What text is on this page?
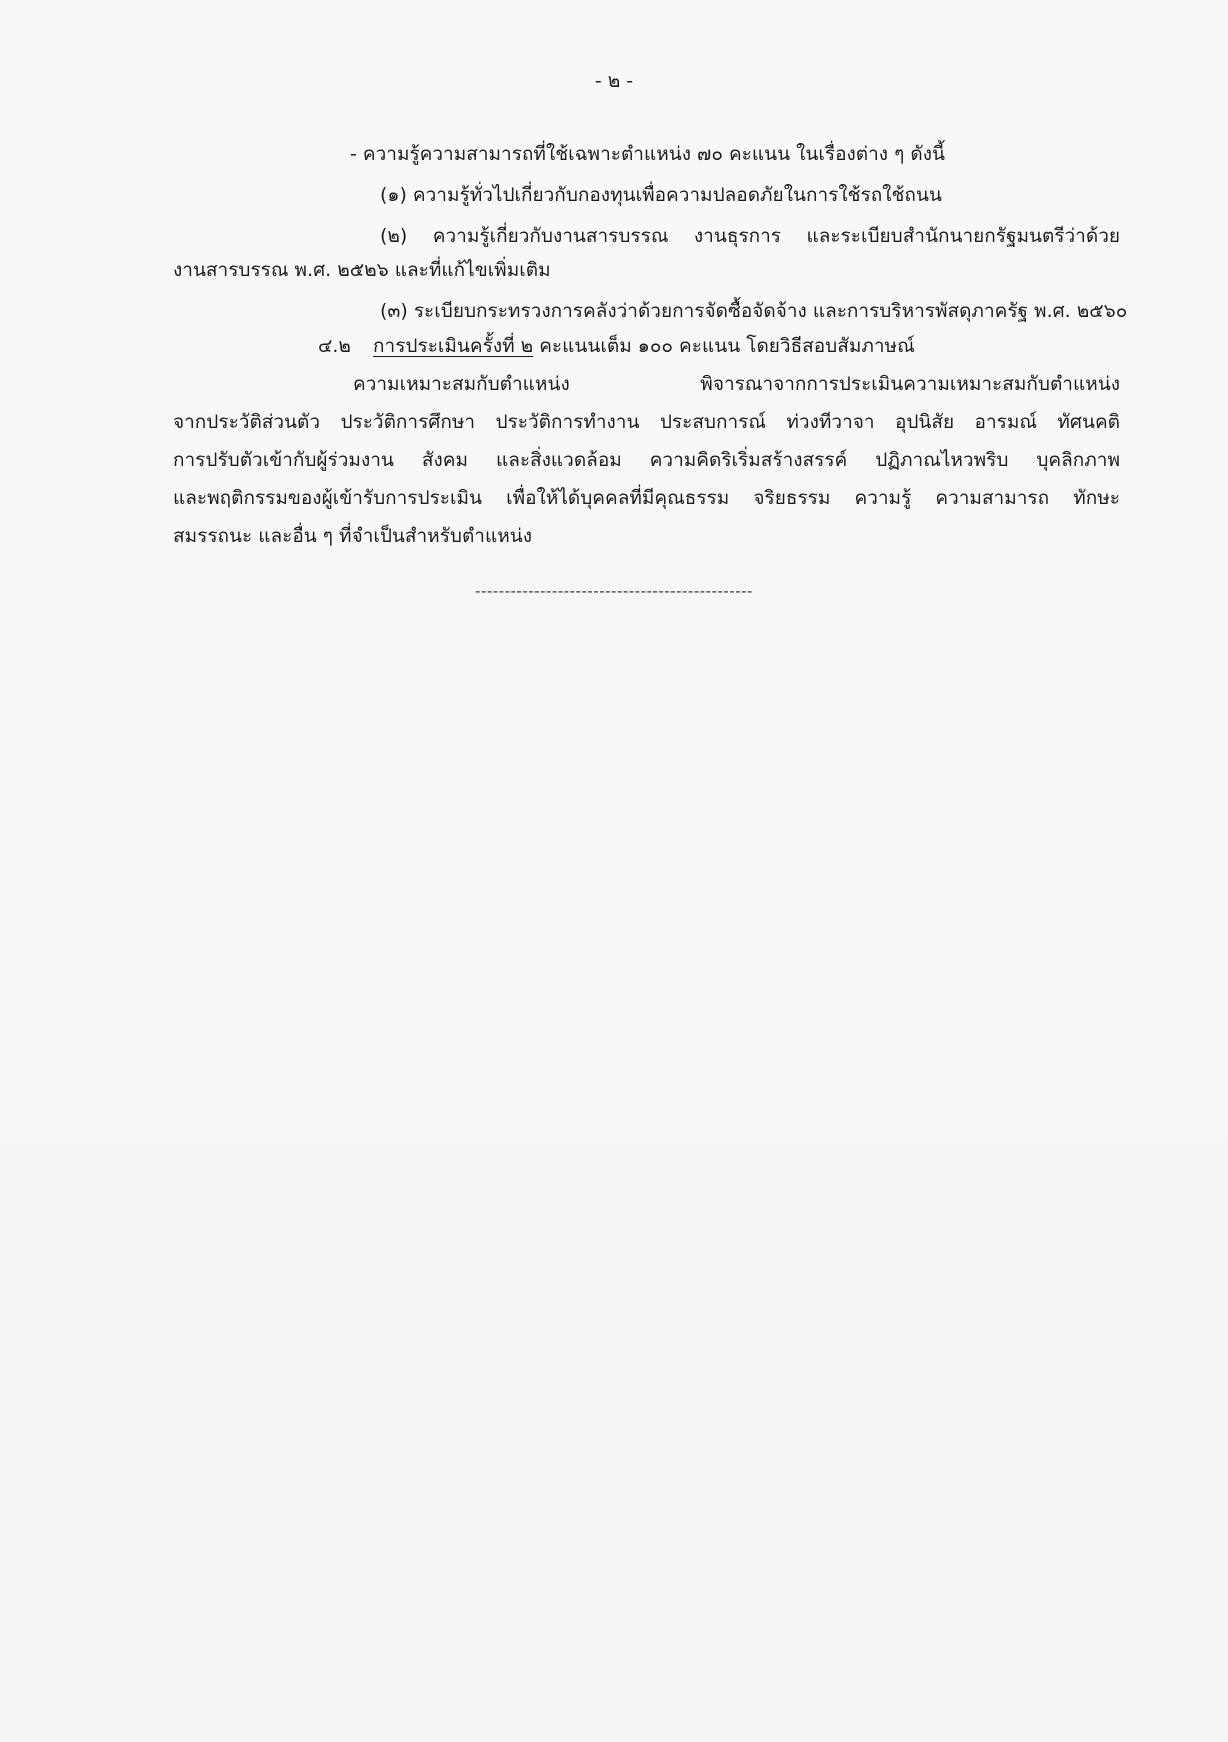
- ๒ -
- ความรู้ความสามารถที่ใช้เฉพาะตำแหน่ง ๗๐ คะแนน ในเรื่องต่าง ๆ ดังนี้
(๑) ความรู้ทั่วไปเกี่ยวกับกองทุนเพื่อความปลอดภัยในการใช้รถใช้ถนน
(๒) ความรู้เกี่ยวกับงานสารบรรณ งานธุรการ และระเบียบสำนักนายกรัฐมนตรีว่าด้วย
งานสารบรรณ พ.ศ. ๒๕๒๖ และที่แก้ไขเพิ่มเติม
(๓) ระเบียบกระทรวงการคลังว่าด้วยการจัดซื้อจัดจ้าง และการบริหารพัสดุภาครัฐ พ.ศ. ๒๕๖๐
๔.๒ การประเมินครั้งที่ ๒ คะแนนเต็ม ๑๐๐ คะแนน โดยวิธีสอบสัมภาษณ์
ความเหมาะสมกับตำแหน่ง พิจารณาจากการประเมินความเหมาะสมกับตำแหน่ง
จากประวัติส่วนตัว ประวัติการศึกษา ประวัติการทำงาน ประสบการณ์ ท่วงทีวาจา อุปนิสัย อารมณ์ ทัศนคติ
การปรับตัวเข้ากับผู้ร่วมงาน สังคม และสิ่งแวดล้อม ความคิดริเริ่มสร้างสรรค์ ปฏิภาณไหวพริบ บุคลิกภาพ
และพฤติกรรมของผู้เข้ารับการประเมิน เพื่อให้ได้บุคคลที่มีคุณธรรม จริยธรรม ความรู้ ความสามารถ ทักษะ
สมรรถนะ และอื่น ๆ ที่จำเป็นสำหรับตำแหน่ง
-----------------------------------------------
